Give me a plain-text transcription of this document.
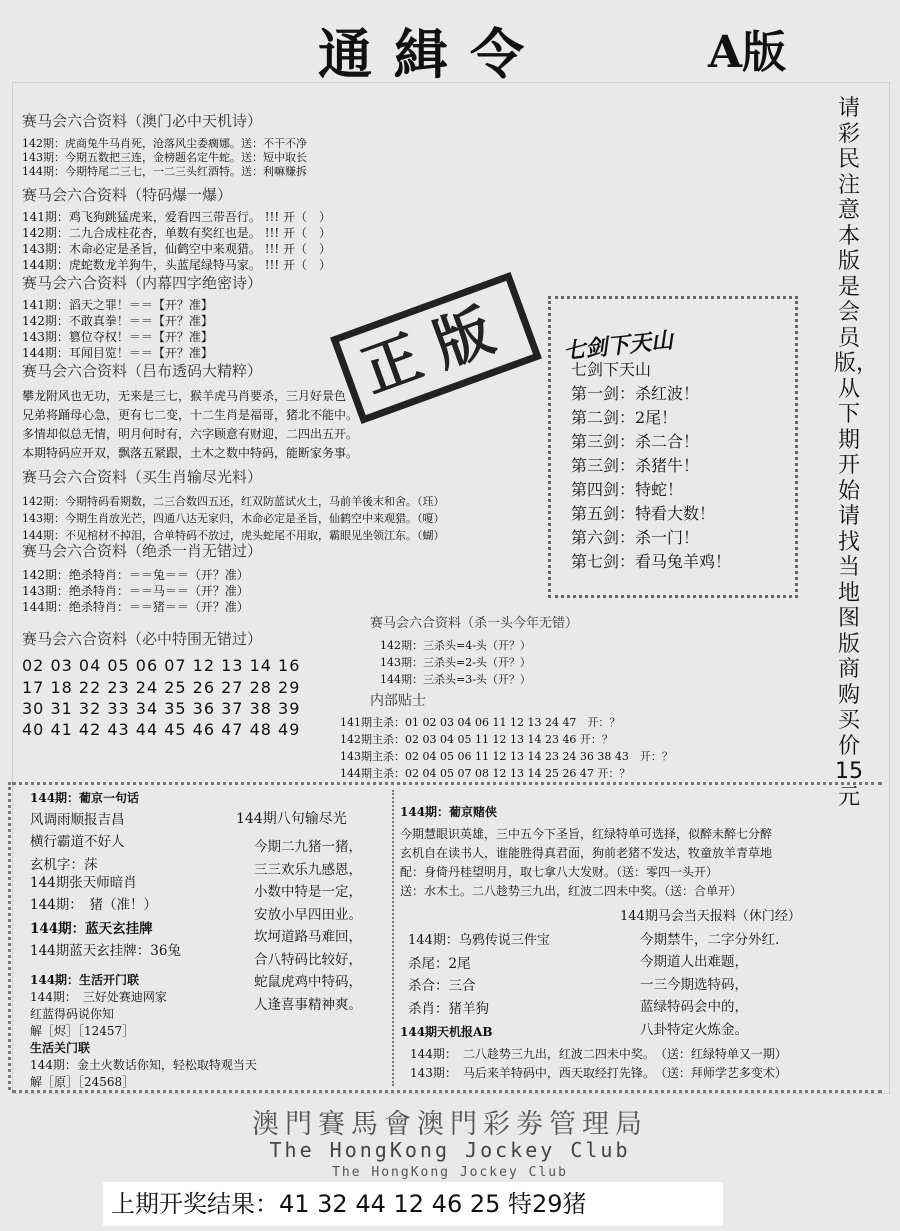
通緝令	A版
请彩民注意本版是会员版，从下期开始请找当地图版商购买价15元
赛马会六合资料（澳门必中天机诗）
142期：虎商兔牛马肖死，沧落风尘委瘸娜。送：不干不净
143期：今期五数把三连，金榜题名定牛蛇。送：短中取长
144期：今期特尾二三七，一二三头红酒特。送：利嘛赚拆
赛马会六合资料（特码爆一爆）
141期：鸡飞狗跳猛虎来，爱看四三带吾行。 !!! 开（　）
142期：二九合成柱花杏，单数有奖红也是。 !!! 开（　）
143期：木命必定是圣旨，仙鹤空中来观猎。 !!! 开（　）
144期：虎蛇数龙羊狗牛，头蓝尾绿特马家。 !!! 开（　）
赛马会六合资料（内幕四字绝密诗）
141期：滔天之罪！＝＝【开？准】
142期：不敢真拳！＝＝【开？准】
143期：篡位夺权！＝＝【开？准】
144期：耳闻目览！＝＝【开？准】
赛马会六合资料（吕布透码大精粹）
攀龙附风也无功，无来是三七，猴羊虎马肖要杀，三月好景色
兄弟将踊母心急，更有七二变，十二生肖是福哥，猪北不能中。
多情却似总无情，明月何时有，六字顾意有财迎，二四出五开。
本期特码应开双，飘落五紧跟，土木之数中特码，能断家务事。
正版
赛马会六合资料（买生肖输尽光料）
142期：今期特码看期数，二三合数四五还，红双防蓝试火土，马前羊後末和舍。（珏）
143期：今期生肖放光芒，四通八达无家归，木命必定是圣旨，仙鹤空中来观猎。（嗄）
144期：不见棺材不掉泪，合单特码不放过，虎头蛇尾不用取，霸眼见坐领江东。（蝴）
赛马会六合资料（绝杀一肖无错过）
142期：绝杀特肖：＝＝兔＝＝（开？准）
143期：绝杀特肖：＝＝马＝＝（开？准）
144期：绝杀特肖：＝＝猪＝＝（开？准）
赛马会六合资料（必中特围无错过）
02 03 04 05 06 07 12 13 14 16
17 18 22 23 24 25 26 27 28 29
30 31 32 33 34 35 36 37 38 39
40 41 42 43 44 45 46 47 48 49
七剑下天山
七剑下天山
第一剑：杀红波！
第二剑：2尾！
第三剑：杀二合！
第三剑：杀猪牛！
第四剑：特蛇！
第五剑：特看大数！
第六剑：杀一门！
第七剑：看马兔羊鸡！
赛马会六合资料（杀一头今年无错）
142期：三杀头=4-头（开？）
143期：三杀头=2-头（开？）
144期：三杀头=3-头（开？）
内部贴士
141期主杀：01 02 03 04 06 11 12 13 24 47　开：？
142期主杀：02 03 04 05 11 12 13 14 23 46 开：？
143期主杀：02 04 05 06 11 12 13 14 23 24 36 38 43　开：？
144期主杀：02 04 05 07 08 12 13 14 25 26 47 开：？
144期：葡京一句话
风调雨顺报吉昌
横行霸道不好人
玄机字：莯
144期张天师暗肖
144期：　猪（准！）
144期：蓝天玄挂牌
144期蓝天玄挂牌：36兔
144期：生活开门联
144期：　三好处赛迪网家
红蓝得码说你知
解［烬］［12457］
生活关门联
144期：金土火数话你知，轻松取特观当天
解［原］［24568］
144期八句输尽光
今期二九猪一猪，
三三欢乐九感恩，
小数中特是一定，
安放小早四田业。
坎坷道路马难回，
合八特码比较好，
蛇鼠虎鸡中特码，
人逢喜事精神爽。
144期：葡京赌侠
今期慧眼识英雄，三中五今下圣旨，红绿特单可选择，似醉未醉七分醉
玄机自在读书人，谁能胜得真君面，狗前老猪不发达，牧童放羊青草地
配：身倚丹桂望明月，取七拿八大发财。（送：零四一头开）
送：水木土。二八趁势三九出，红波二四未中奖。（送：合单开）
144期：乌鸦传说三件宝
杀尾：2尾
杀合：三合
杀肖：猪羊狗
144期马会当天报料（休门经）
今期禁牛，二字分外红.
今期道人出难题，
一三今期选特码，
蓝绿特码会中的，
八卦特定火炼金。
144期天机报AB
144期：　二八趁势三九出，红波二四未中奖。　（送：红绿特单又一期）
143期：　马后来羊特码中，西天取经打先锋。　（送：拜师学艺多变术）
澳門賽馬會澳門彩劵管理局
The HongKong Jockey Club
The HongKong Jockey Club
上期开奖结果：41 32 44 12 46 25 特29猪
